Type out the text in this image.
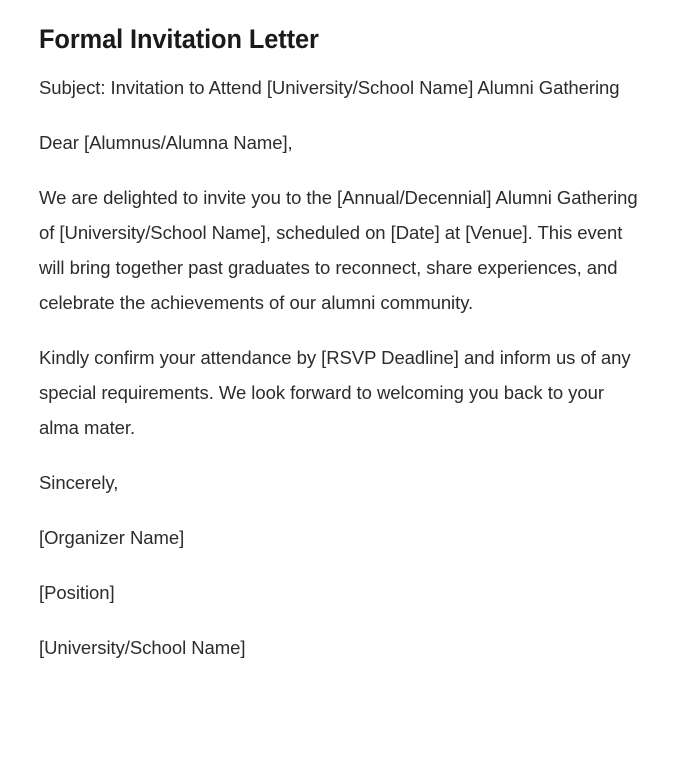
Formal Invitation Letter

Subject: Invitation to Attend [University/School Name] Alumni Gathering

Dear [Alumnus/Alumna Name],

We are delighted to invite you to the [Annual/Decennial] Alumni Gathering of [University/School Name], scheduled on [Date] at [Venue]. This event will bring together past graduates to reconnect, share experiences, and celebrate the achievements of our alumni community.

Kindly confirm your attendance by [RSVP Deadline] and inform us of any special requirements. We look forward to welcoming you back to your alma mater.

Sincerely,

[Organizer Name]

[Position]

[University/School Name]
